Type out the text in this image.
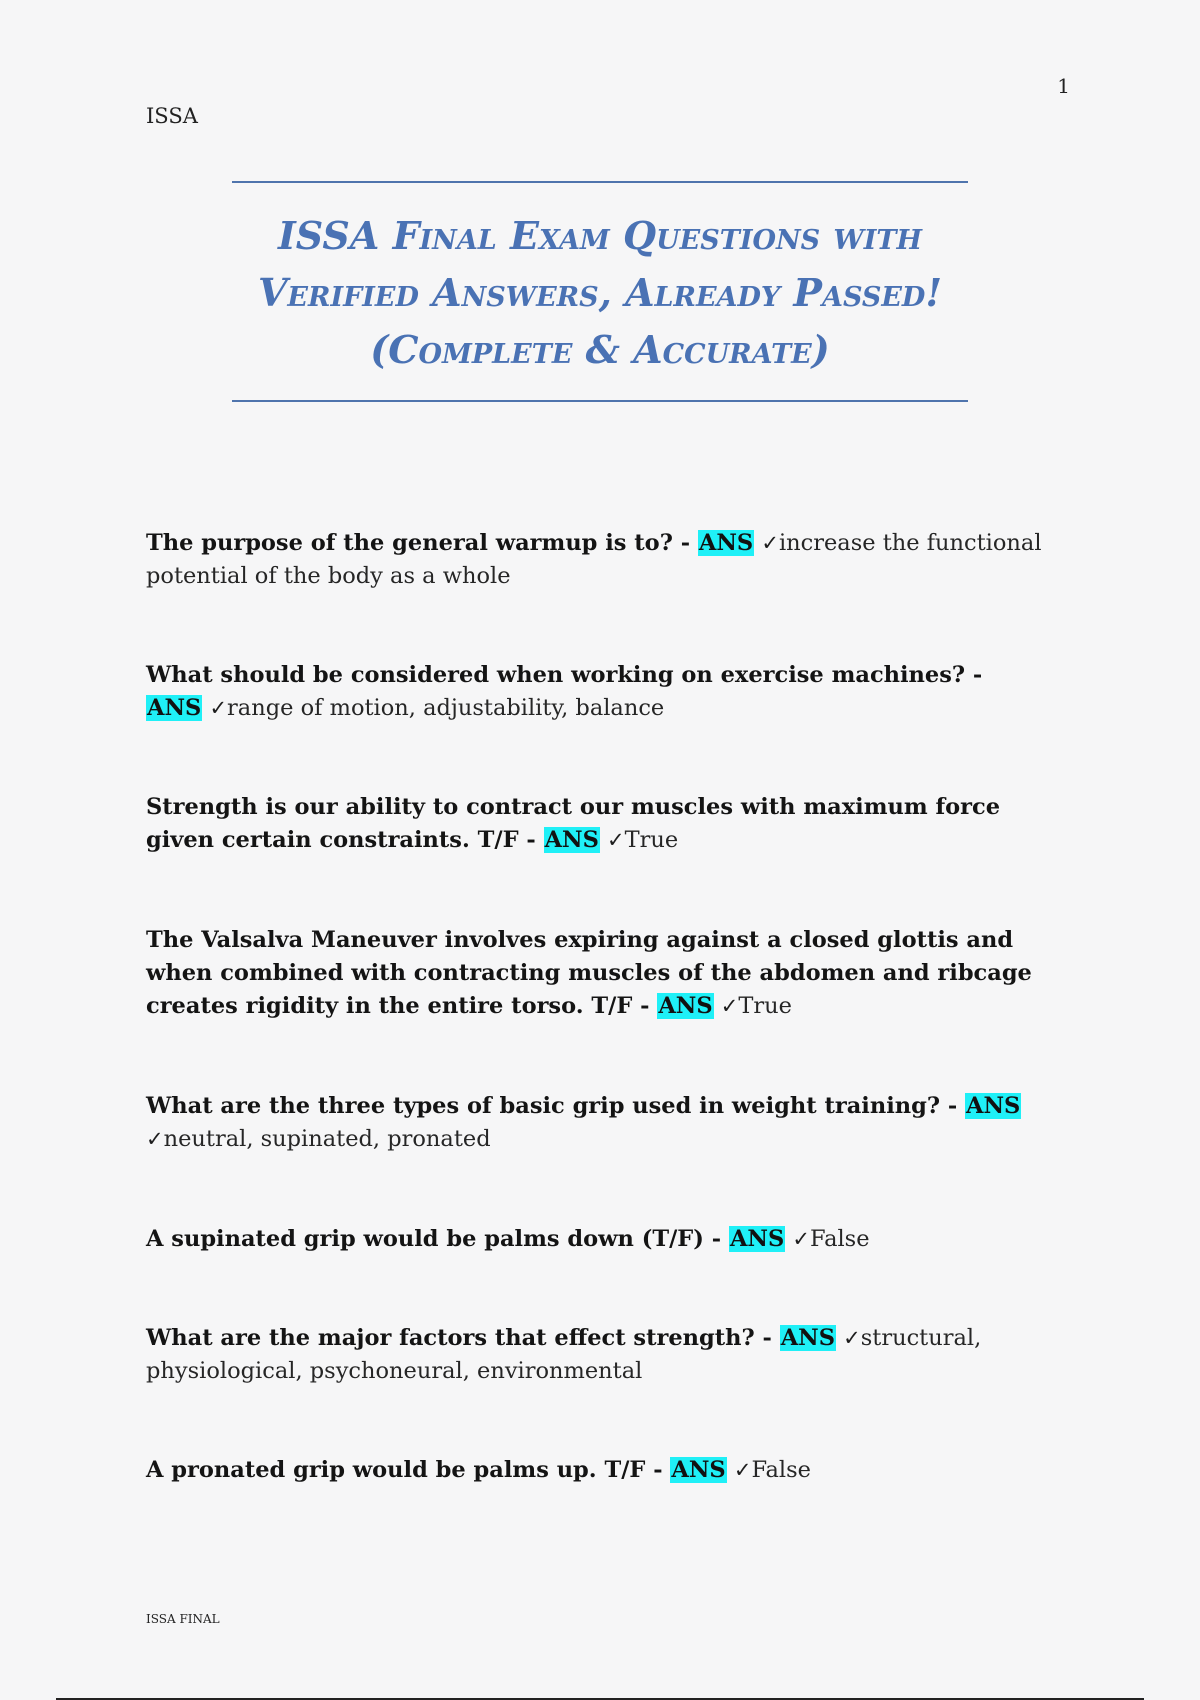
1
ISSA
ISSA Final Exam Questions with
Verified Answers, Already Passed!
(Complete & Accurate)
The purpose of the general warmup is to? - ANS ✓increase the functional potential of the body as a whole
What should be considered when working on exercise machines? - ANS ✓range of motion, adjustability, balance
Strength is our ability to contract our muscles with maximum force given certain constraints. T/F - ANS ✓True
The Valsalva Maneuver involves expiring against a closed glottis and when combined with contracting muscles of the abdomen and ribcage creates rigidity in the entire torso. T/F - ANS ✓True
What are the three types of basic grip used in weight training? - ANS ✓neutral, supinated, pronated
A supinated grip would be palms down (T/F) - ANS ✓False
What are the major factors that effect strength? - ANS ✓structural, physiological, psychoneural, environmental
A pronated grip would be palms up. T/F - ANS ✓False
ISSA FINAL
